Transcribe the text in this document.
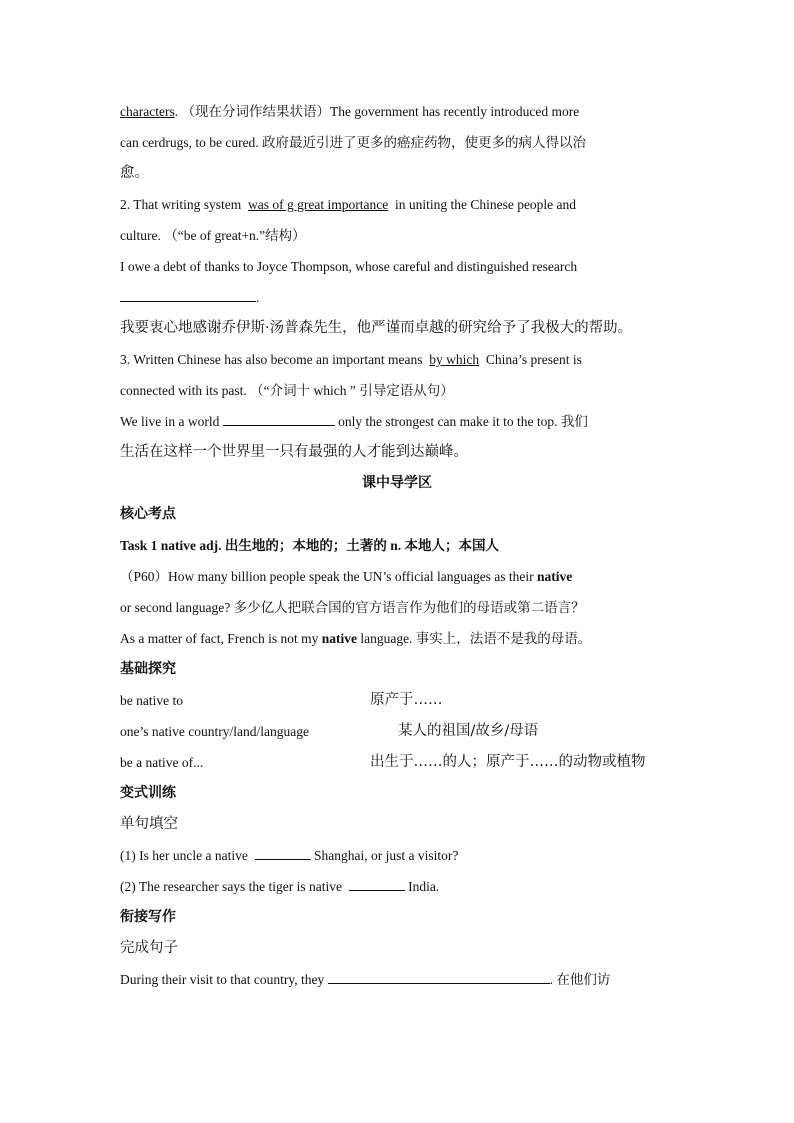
characters. （现在分词作结果状语）The government has recently introduced more
can cerdrugs, to be cured. 政府最近引进了更多的癌症药物，使更多的病人得以治
愈。
2. That writing system was of g great importance in uniting the Chinese people and
culture. （“be of great+n.”结构）
I owe a debt of thanks to Joyce Thompson, whose careful and distinguished research
.
我要衷心地感谢乔伊斯·汤普森先生，他严谨而卓越的研究给予了我极大的帮助。
3. Written Chinese has also become an important means by which China’s present is
connected with its past. （“介词十 which ” 引导定语从句）
We live in a world	only the strongest can make it to the top. 我们
生活在这样一个世界里一只有最强的人才能到达巅峰。
课中导学区
核心考点
Task 1 native adj. 出生地的；本地的；土著的 n. 本地人；本国人
（P60）How many billion people speak the UN’s official languages as their native
or second language? 多少亿人把联合国的官方语言作为他们的母语或第二语言？
As a matter of fact, French is not my native language. 事实上，法语不是我的母语。
基础探究
be native to	原产于……
one’s native country/land/language	某人的祖国/故乡/母语
be a native of...	出生于……的人；原产于……的动物或植物
变式训练
单句填空
(1) Is her uncle a native	Shanghai, or just a visitor?
(2) The researcher says the tiger is native	India.
衔接写作
完成句子
During their visit to that country, they	. 在他们访
